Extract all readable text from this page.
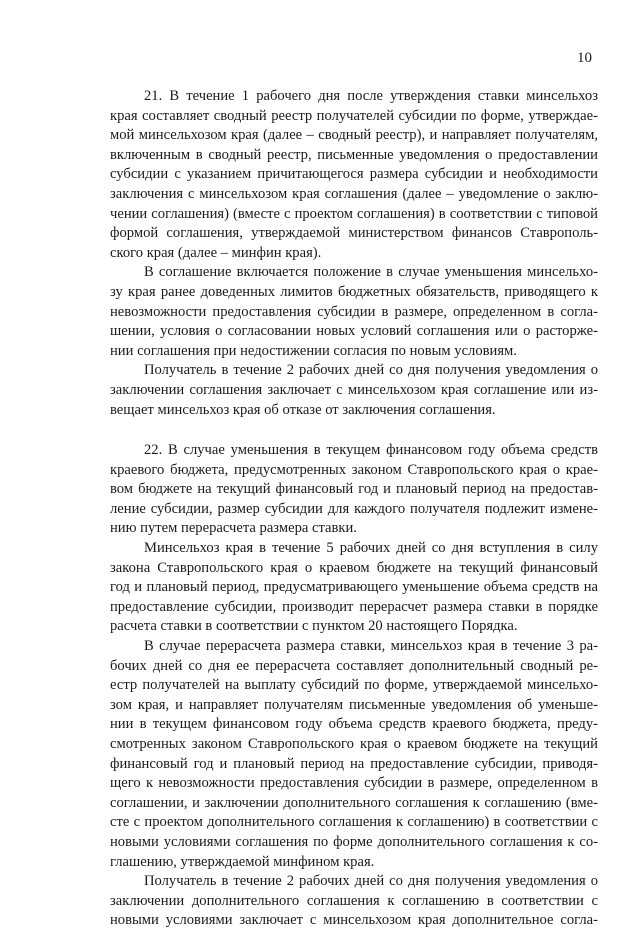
10
21. В течение 1 рабочего дня после утверждения ставки минсельхоз
края составляет сводный реестр получателей субсидии по форме, утверждае-
мой минсельхозом края (далее – сводный реестр), и направляет получателям,
включенным в сводный реестр, письменные уведомления о предоставлении
субсидии с указанием причитающегося размера субсидии и необходимости
заключения с минсельхозом края соглашения (далее – уведомление о заклю-
чении соглашения) (вместе с проектом соглашения) в соответствии с типовой
формой соглашения, утверждаемой министерством финансов Ставрополь-
ского края (далее – минфин края).
В соглашение включается положение в случае уменьшения минсельхо-
зу края ранее доведенных лимитов бюджетных обязательств, приводящего к
невозможности предоставления субсидии в размере, определенном в согла-
шении, условия о согласовании новых условий соглашения или о расторже-
нии соглашения при недостижении согласия по новым условиям.
Получатель в течение 2 рабочих дней со дня получения уведомления о
заключении соглашения заключает с минсельхозом края соглашение или из-
вещает минсельхоз края об отказе от заключения соглашения.
22. В случае уменьшения в текущем финансовом году объема средств
краевого бюджета, предусмотренных законом Ставропольского края о крае-
вом бюджете на текущий финансовый год и плановый период на предостав-
ление субсидии, размер субсидии для каждого получателя подлежит измене-
нию путем перерасчета размера ставки.
Минсельхоз края в течение 5 рабочих дней со дня вступления в силу
закона Ставропольского края о краевом бюджете на текущий финансовый
год и плановый период, предусматривающего уменьшение объема средств на
предоставление субсидии, производит перерасчет размера ставки в порядке
расчета ставки в соответствии с пунктом 20 настоящего Порядка.
В случае перерасчета размера ставки, минсельхоз края в течение 3 ра-
бочих дней со дня ее перерасчета составляет дополнительный сводный ре-
естр получателей на выплату субсидий по форме, утверждаемой минсельхо-
зом края, и направляет получателям письменные уведомления об уменьше-
нии в текущем финансовом году объема средств краевого бюджета, преду-
смотренных законом Ставропольского края о краевом бюджете на текущий
финансовый год и плановый период на предоставление субсидии, приводя-
щего к невозможности предоставления субсидии в размере, определенном в
соглашении, и заключении дополнительного соглашения к соглашению (вме-
сте с проектом дополнительного соглашения к соглашению) в соответствии с
новыми условиями соглашения по форме дополнительного соглашения к со-
глашению, утверждаемой минфином края.
Получатель в течение 2 рабочих дней со дня получения уведомления о
заключении дополнительного соглашения к соглашению в соответствии с
новыми условиями заключает с минсельхозом края дополнительное согла-
